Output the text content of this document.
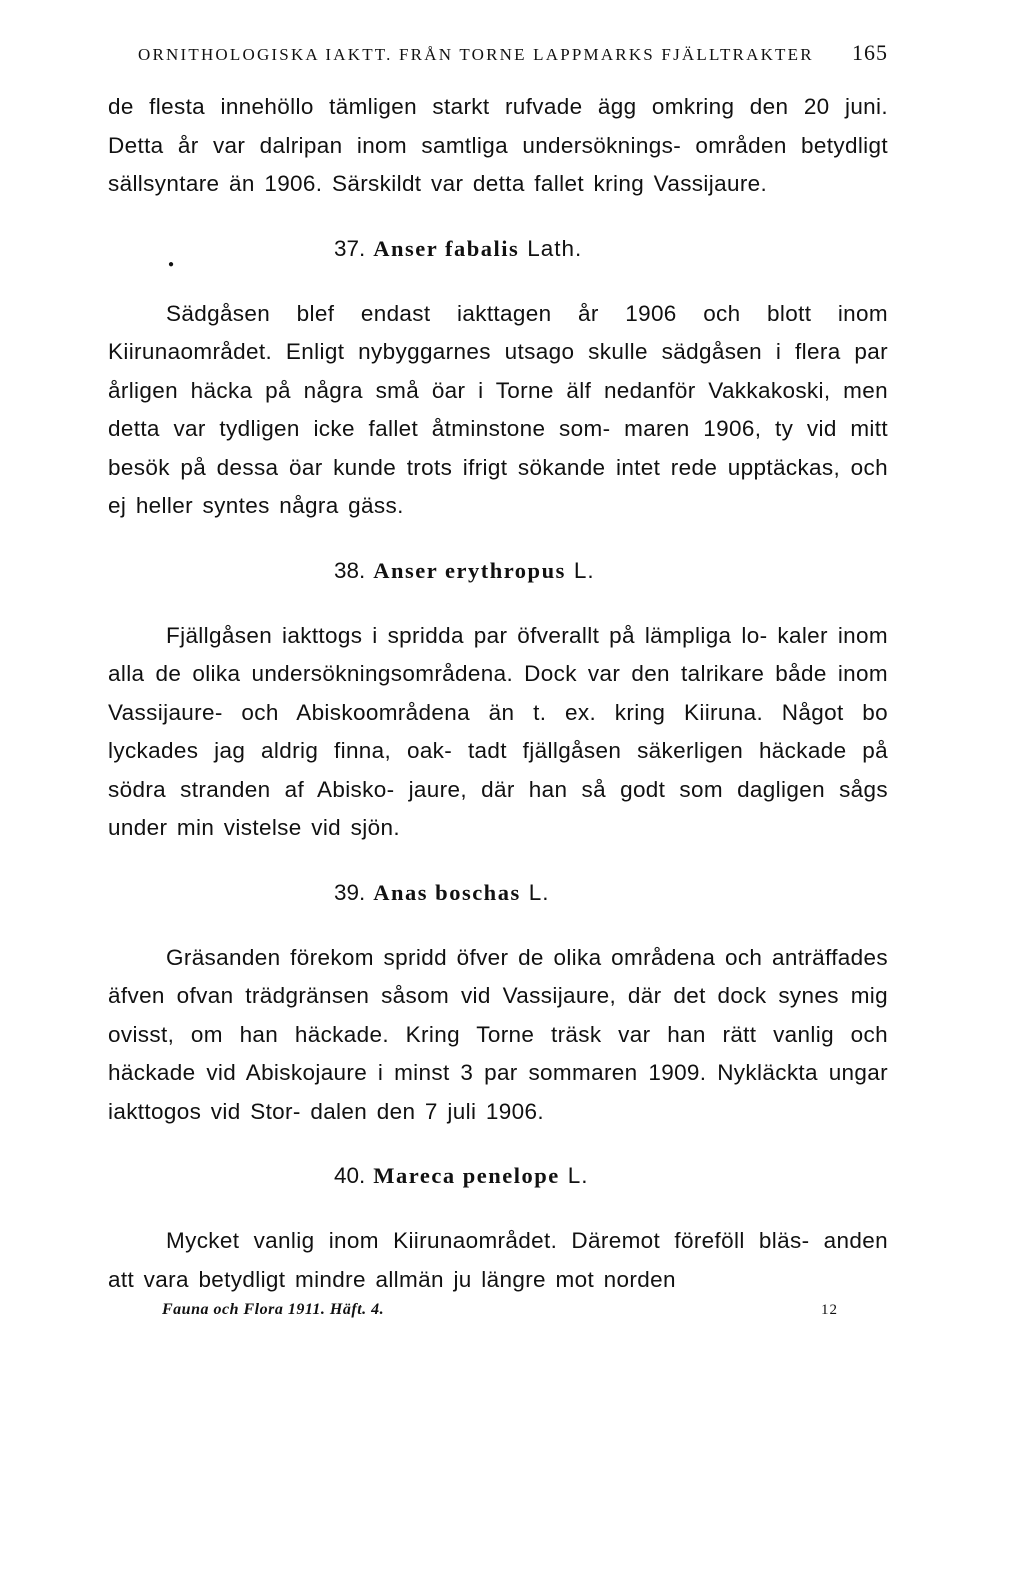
ORNITHOLOGISKA IAKTT. FRÅN TORNE LAPPMARKS FJÄLLTRAKTER 165

de flesta innehöllo tämligen starkt rufvade ägg omkring den 20 juni. Detta år var dalripan inom samtliga undersöknings- områden betydligt sällsyntare än 1906. Särskildt var detta fallet kring Vassijaure.

●
37. Anser fabalis Lath.

Sädgåsen blef endast iakttagen år 1906 och blott inom Kiirunaområdet. Enligt nybyggarnes utsago skulle sädgåsen i flera par årligen häcka på några små öar i Torne älf nedanför Vakkakoski, men detta var tydligen icke fallet åtminstone som- maren 1906, ty vid mitt besök på dessa öar kunde trots ifrigt sökande intet rede upptäckas, och ej heller syntes några gäss.

38. Anser erythropus L.

Fjällgåsen iakttogs i spridda par öfverallt på lämpliga lo- kaler inom alla de olika undersökningsområdena. Dock var den talrikare både inom Vassijaure- och Abiskoområdena än t. ex. kring Kiiruna. Något bo lyckades jag aldrig finna, oak- tadt fjällgåsen säkerligen häckade på södra stranden af Abisko- jaure, där han så godt som dagligen sågs under min vistelse vid sjön.

39. Anas boschas L.

Gräsanden förekom spridd öfver de olika områdena och anträffades äfven ofvan trädgränsen såsom vid Vassijaure, där det dock synes mig ovisst, om han häckade. Kring Torne träsk var han rätt vanlig och häckade vid Abiskojaure i minst 3 par sommaren 1909. Nykläckta ungar iakttogos vid Stor- dalen den 7 juli 1906.

40. Mareca penelope L.

Mycket vanlig inom Kiirunaområdet. Däremot föreföll bläs- anden att vara betydligt mindre allmän ju längre mot norden

Fauna och Flora 1911. Häft. 4.	12
